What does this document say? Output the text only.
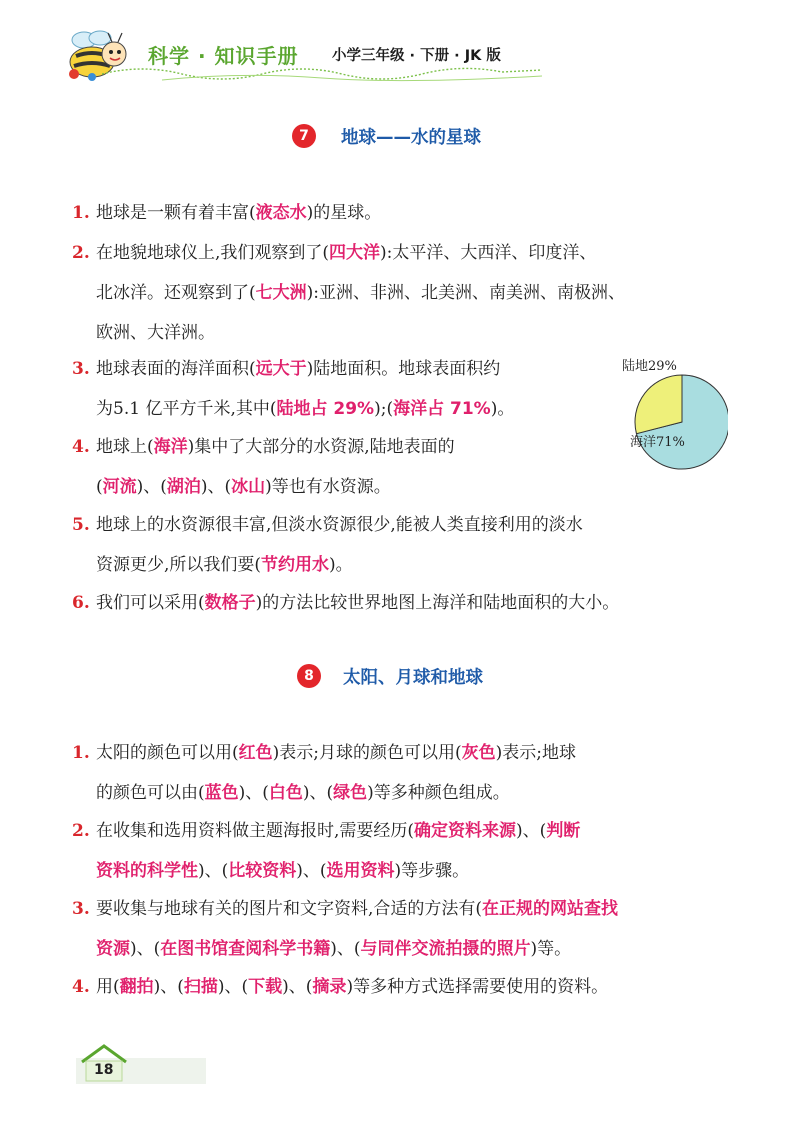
科学 · 知识手册 小学三年级 · 下册 · JK 版
7	地球——水的星球
1. 地球是一颗有着丰富(液态水)的星球。
2. 在地貌地球仪上,我们观察到了(四大洋):太平洋、大西洋、印度洋、
北冰洋。还观察到了(七大洲):亚洲、非洲、北美洲、南美洲、南极洲、
欧洲、大洋洲。
3. 地球表面的海洋面积(远大于)陆地面积。地球表面积约
为5.1 亿平方千米,其中(陆地占 29%);(海洋占 71%)。
4. 地球上(海洋)集中了大部分的水资源,陆地表面的
(河流)、(湖泊)、(冰山)等也有水资源。
5. 地球上的水资源很丰富,但淡水资源很少,能被人类直接利用的淡水
资源更少,所以我们要(节约用水)。
6. 我们可以采用(数格子)的方法比较世界地图上海洋和陆地面积的大小。
陆地29%
海洋71%
8	太阳、月球和地球
1. 太阳的颜色可以用(红色)表示;月球的颜色可以用(灰色)表示;地球
的颜色可以由(蓝色)、(白色)、(绿色)等多种颜色组成。
2. 在收集和选用资料做主题海报时,需要经历(确定资料来源)、(判断
资料的科学性)、(比较资料)、(选用资料)等步骤。
3. 要收集与地球有关的图片和文字资料,合适的方法有(在正规的网站查找
资源)、(在图书馆查阅科学书籍)、(与同伴交流拍摄的照片)等。
4. 用(翻拍)、(扫描)、(下载)、(摘录)等多种方式选择需要使用的资料。
18
